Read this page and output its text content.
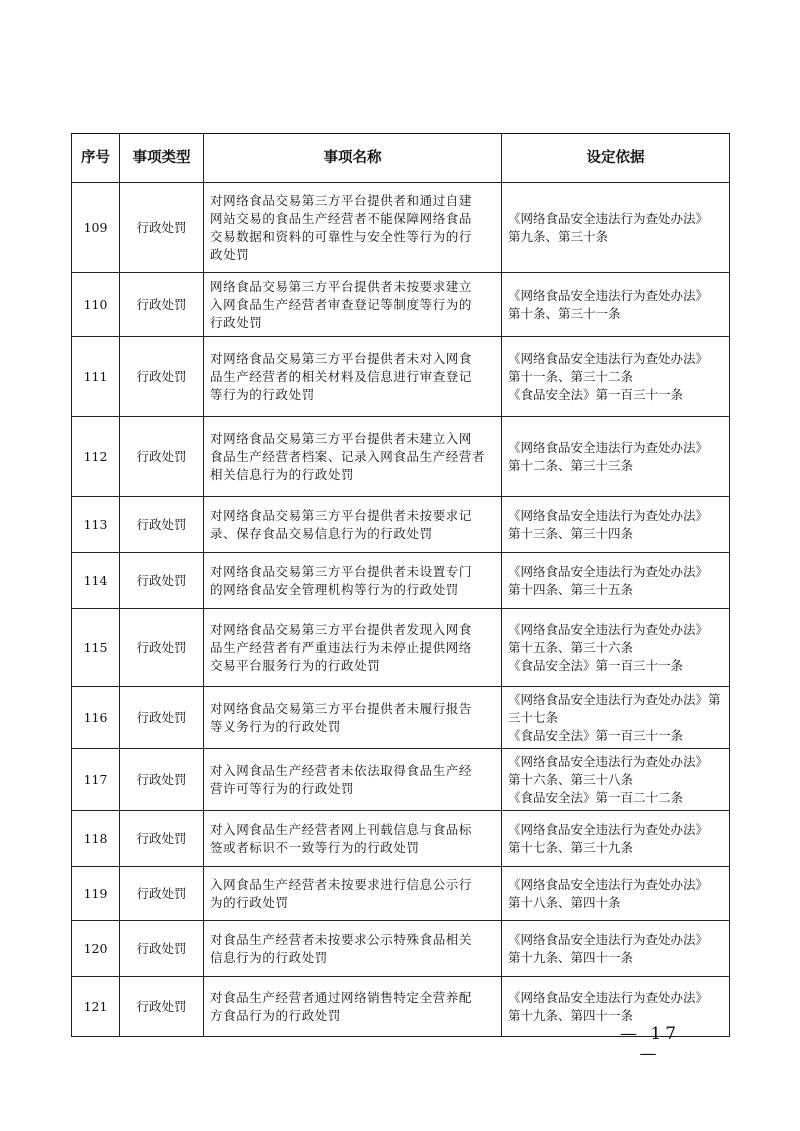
序号	事项类型	事项名称	设定依据
109	行政处罚	对网络食品交易第三方平台提供者和通过自建
网站交易的食品生产经营者不能保障网络食品
交易数据和资料的可靠性与安全性等行为的行
政处罚	《网络食品安全违法行为查处办法》
第九条、第三十条

110	行政处罚	网络食品交易第三方平台提供者未按要求建立
入网食品生产经营者审查登记等制度等行为的
行政处罚	《网络食品安全违法行为查处办法》
第十条、第三十一条

111	行政处罚	对网络食品交易第三方平台提供者未对入网食
品生产经营者的相关材料及信息进行审查登记
等行为的行政处罚	《网络食品安全违法行为查处办法》
第十一条、第三十二条
《食品安全法》第一百三十一条

112	行政处罚	对网络食品交易第三方平台提供者未建立入网
食品生产经营者档案、记录入网食品生产经营者
相关信息行为的行政处罚	《网络食品安全违法行为查处办法》
第十二条、第三十三条

113	行政处罚	对网络食品交易第三方平台提供者未按要求记
录、保存食品交易信息行为的行政处罚	《网络食品安全违法行为查处办法》
第十三条、第三十四条

114	行政处罚	对网络食品交易第三方平台提供者未设置专门
的网络食品安全管理机构等行为的行政处罚	《网络食品安全违法行为查处办法》
第十四条、第三十五条

115	行政处罚	对网络食品交易第三方平台提供者发现入网食
品生产经营者有严重违法行为未停止提供网络
交易平台服务行为的行政处罚	《网络食品安全违法行为查处办法》
第十五条、第三十六条
《食品安全法》第一百三十一条

116	行政处罚	对网络食品交易第三方平台提供者未履行报告
等义务行为的行政处罚	《网络食品安全违法行为查处办法》第
三十七条
《食品安全法》第一百三十一条

117	行政处罚	对入网食品生产经营者未依法取得食品生产经
营许可等行为的行政处罚	《网络食品安全违法行为查处办法》
第十六条、第三十八条
《食品安全法》第一百二十二条

118	行政处罚	对入网食品生产经营者网上刊载信息与食品标
签或者标识不一致等行为的行政处罚	《网络食品安全违法行为查处办法》
第十七条、第三十九条

119	行政处罚	入网食品生产经营者未按要求进行信息公示行
为的行政处罚	《网络食品安全违法行为查处办法》
第十八条、第四十条

120	行政处罚	对食品生产经营者未按要求公示特殊食品相关
信息行为的行政处罚	《网络食品安全违法行为查处办法》
第十九条、第四十一条

121	行政处罚	对食品生产经营者通过网络销售特定全营养配
方食品行为的行政处罚	《网络食品安全违法行为查处办法》
第十九条、第四十一条
— 17 —
